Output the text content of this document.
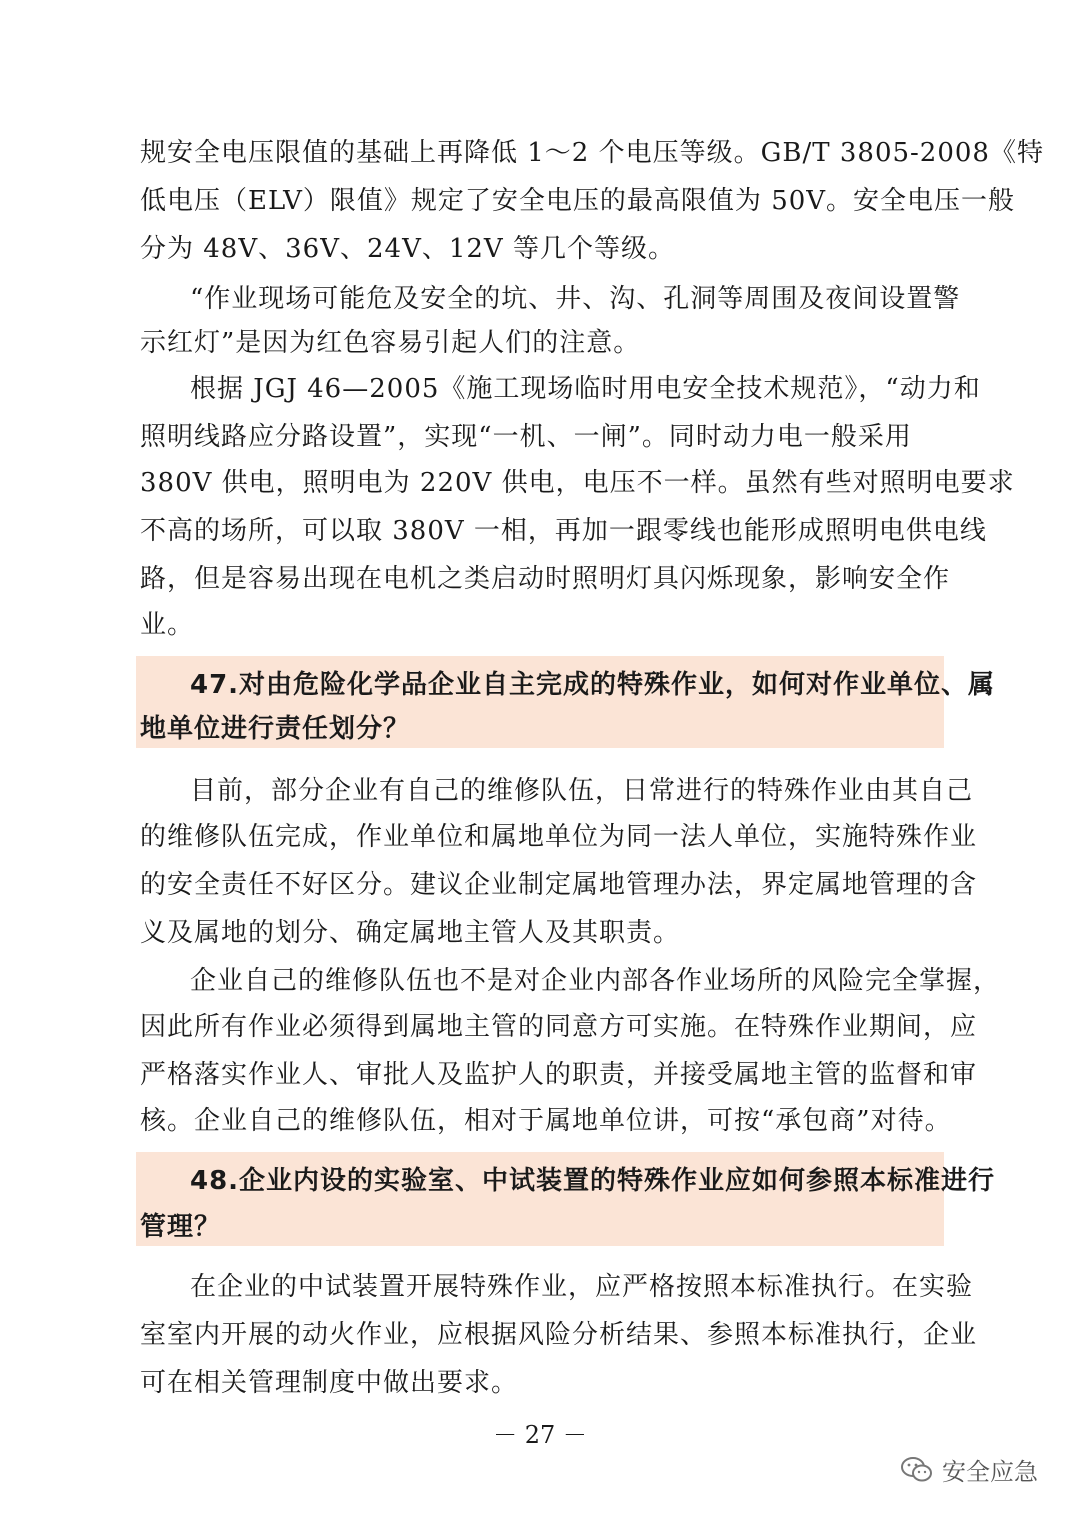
规安全电压限值的基础上再降低 1～2 个电压等级。GB/T 3805-2008《特
低电压（ELV）限值》规定了安全电压的最高限值为 50V。安全电压一般
分为 48V、36V、24V、12V 等几个等级。
“作业现场可能危及安全的坑、井、沟、孔洞等周围及夜间设置警
示红灯”是因为红色容易引起人们的注意。
根据 JGJ 46—2005《施工现场临时用电安全技术规范》，“动力和
照明线路应分路设置”，实现“一机、一闸”。同时动力电一般采用
380V 供电，照明电为 220V 供电，电压不一样。虽然有些对照明电要求
不高的场所，可以取 380V 一相，再加一跟零线也能形成照明电供电线
路，但是容易出现在电机之类启动时照明灯具闪烁现象，影响安全作
业。
47.对由危险化学品企业自主完成的特殊作业，如何对作业单位、属
地单位进行责任划分？
目前，部分企业有自己的维修队伍，日常进行的特殊作业由其自己
的维修队伍完成，作业单位和属地单位为同一法人单位，实施特殊作业
的安全责任不好区分。建议企业制定属地管理办法，界定属地管理的含
义及属地的划分、确定属地主管人及其职责。
企业自己的维修队伍也不是对企业内部各作业场所的风险完全掌握，
因此所有作业必须得到属地主管的同意方可实施。在特殊作业期间，应
严格落实作业人、审批人及监护人的职责，并接受属地主管的监督和审
核。企业自己的维修队伍，相对于属地单位讲，可按“承包商”对待。
48.企业内设的实验室、中试装置的特殊作业应如何参照本标准进行
管理？
在企业的中试装置开展特殊作业，应严格按照本标准执行。在实验
室室内开展的动火作业，应根据风险分析结果、参照本标准执行，企业
可在相关管理制度中做出要求。
－ 27 －
安全应急
